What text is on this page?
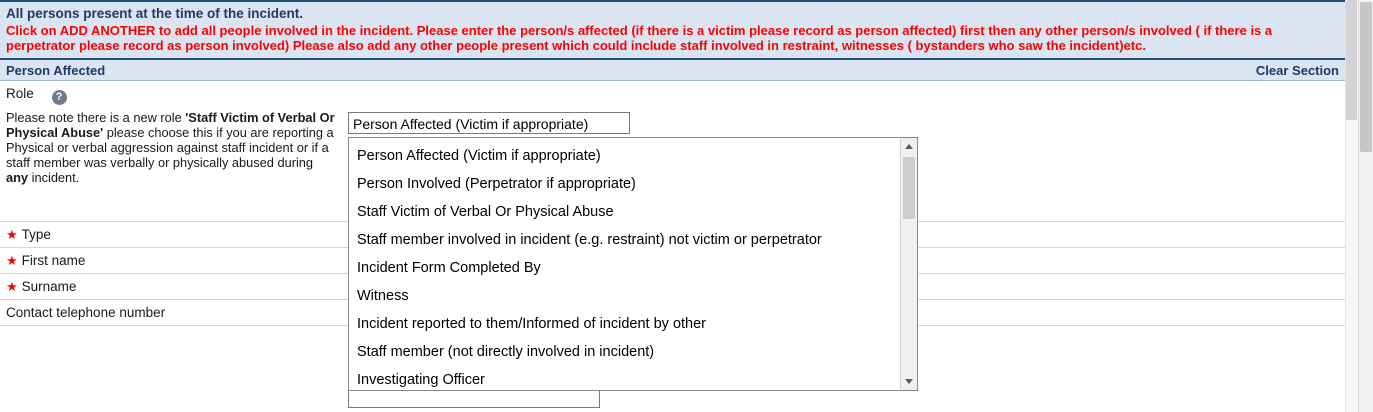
All persons present at the time of the incident.
Click on ADD ANOTHER to add all people involved in the incident. Please enter the person/s affected (if there is a victim please record as person affected) first then any other person/s involved ( if there is a perpetrator please record as person involved) Please also add any other people present which could include staff involved in restraint, witnesses ( bystanders who saw the incident)etc.
Person Affected	Clear Section
Role ?
Please note there is a new role 'Staff Victim of Verbal Or Physical Abuse' please choose this if you are reporting a Physical or verbal aggression against staff incident or if a staff member was verbally or physically abused during any incident.
★ Type
★ First name
★ Surname
Contact telephone number
Person Affected (Victim if appropriate)
Person Affected (Victim if appropriate)
Person Involved (Perpetrator if appropriate)
Staff Victim of Verbal Or Physical Abuse
Staff member involved in incident (e.g. restraint) not victim or perpetrator
Incident Form Completed By
Witness
Incident reported to them/Informed of incident by other
Staff member (not directly involved in incident)
Investigating Officer
